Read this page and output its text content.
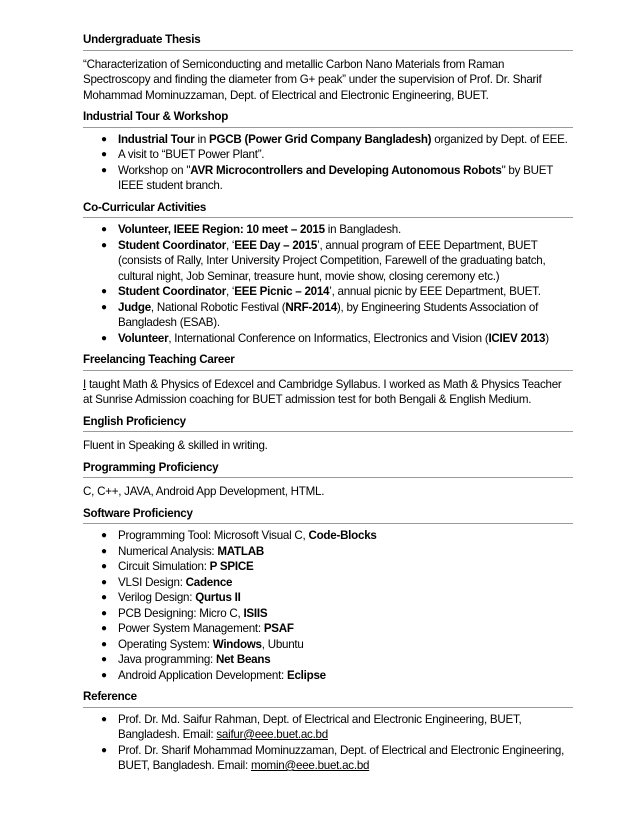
Undergraduate Thesis

“Characterization of Semiconducting and metallic Carbon Nano Materials from Raman Spectroscopy and finding the diameter from G+ peak” under the supervision of Prof. Dr. Sharif Mohammad Mominuzzaman, Dept. of Electrical and Electronic Engineering, BUET.

Industrial Tour & Workshop
● Industrial Tour in PGCB (Power Grid Company Bangladesh) organized by Dept. of EEE.
● A visit to “BUET Power Plant”.
● Workshop on "AVR Microcontrollers and Developing Autonomous Robots" by BUET IEEE student branch.
Co-Curricular Activities
● Volunteer, IEEE Region: 10 meet – 2015 in Bangladesh.
● Student Coordinator, ‘EEE Day – 2015’, annual program of EEE Department, BUET (consists of Rally, Inter University Project Competition, Farewell of the graduating batch, cultural night, Job Seminar, treasure hunt, movie show, closing ceremony etc.)
● Student Coordinator, ‘EEE Picnic – 2014’, annual picnic by EEE Department, BUET.
● Judge, National Robotic Festival (NRF-2014), by Engineering Students Association of Bangladesh (ESAB).
● Volunteer, International Conference on Informatics, Electronics and Vision (ICIEV 2013)
Freelancing Teaching Career

I taught Math & Physics of Edexcel and Cambridge Syllabus. I worked as Math & Physics Teacher at Sunrise Admission coaching for BUET admission test for both Bengali & English Medium.

English Proficiency

Fluent in Speaking & skilled in writing.

Programming Proficiency

C, C++, JAVA, Android App Development, HTML.

Software Proficiency
● Programming Tool: Microsoft Visual C, Code-Blocks
● Numerical Analysis: MATLAB
● Circuit Simulation: P SPICE
● VLSI Design: Cadence
● Verilog Design: Qurtus II
● PCB Designing: Micro C, ISIIS
● Power System Management: PSAF
● Operating System: Windows, Ubuntu
● Java programming: Net Beans
● Android Application Development: Eclipse
Reference
● Prof. Dr. Md. Saifur Rahman, Dept. of Electrical and Electronic Engineering, BUET, Bangladesh. Email: saifur@eee.buet.ac.bd
● Prof. Dr. Sharif Mohammad Mominuzzaman, Dept. of Electrical and Electronic Engineering, BUET, Bangladesh. Email: momin@eee.buet.ac.bd
